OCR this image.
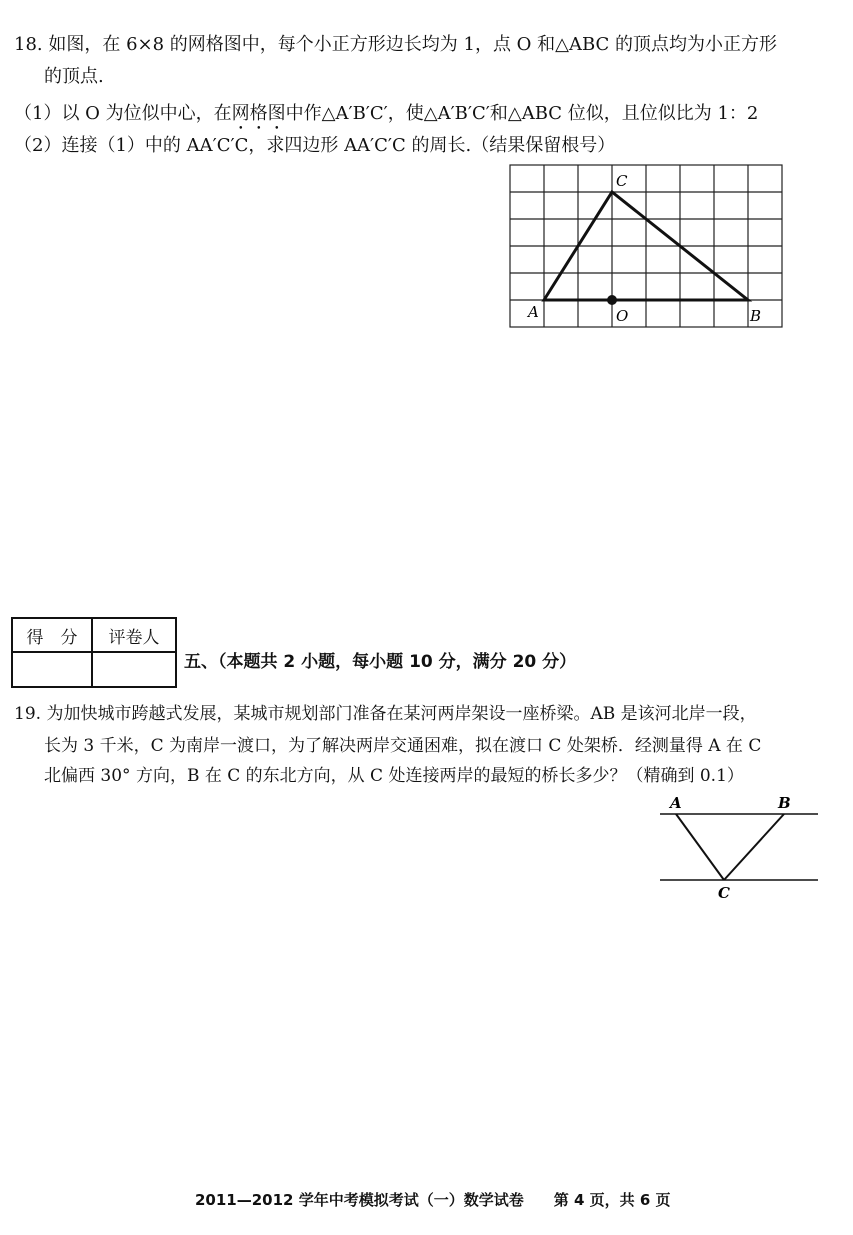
18. 如图，在 6×8 的网格图中，每个小正方形边长均为 1，点 O 和△ABC 的顶点均为小正方形
的顶点.
（1）以 O 为位似中心，在网格图中作△A′B′C′，使△A′B′C′和△ABC 位似，且位似比为 1：2
（2）连接（1）中的 AA′C′C，求四边形 AA′C′C 的周长.（结果保留根号）
C
A	O	B
得　分	评卷人
五、（本题共 2 小题，每小题 10 分，满分 20 分）
19. 为加快城市跨越式发展，某城市规划部门准备在某河两岸架设一座桥梁。AB 是该河北岸一段，
长为 3 千米，C 为南岸一渡口，为了解决两岸交通困难，拟在渡口 C 处架桥．经测量得 A 在 C
北偏西 30° 方向，B 在 C 的东北方向，从 C 处连接两岸的最短的桥长多少？（精确到 0.1）
A	B
C
2011—2012 学年中考模拟考试（一）数学试卷 第 4 页，共 6 页
